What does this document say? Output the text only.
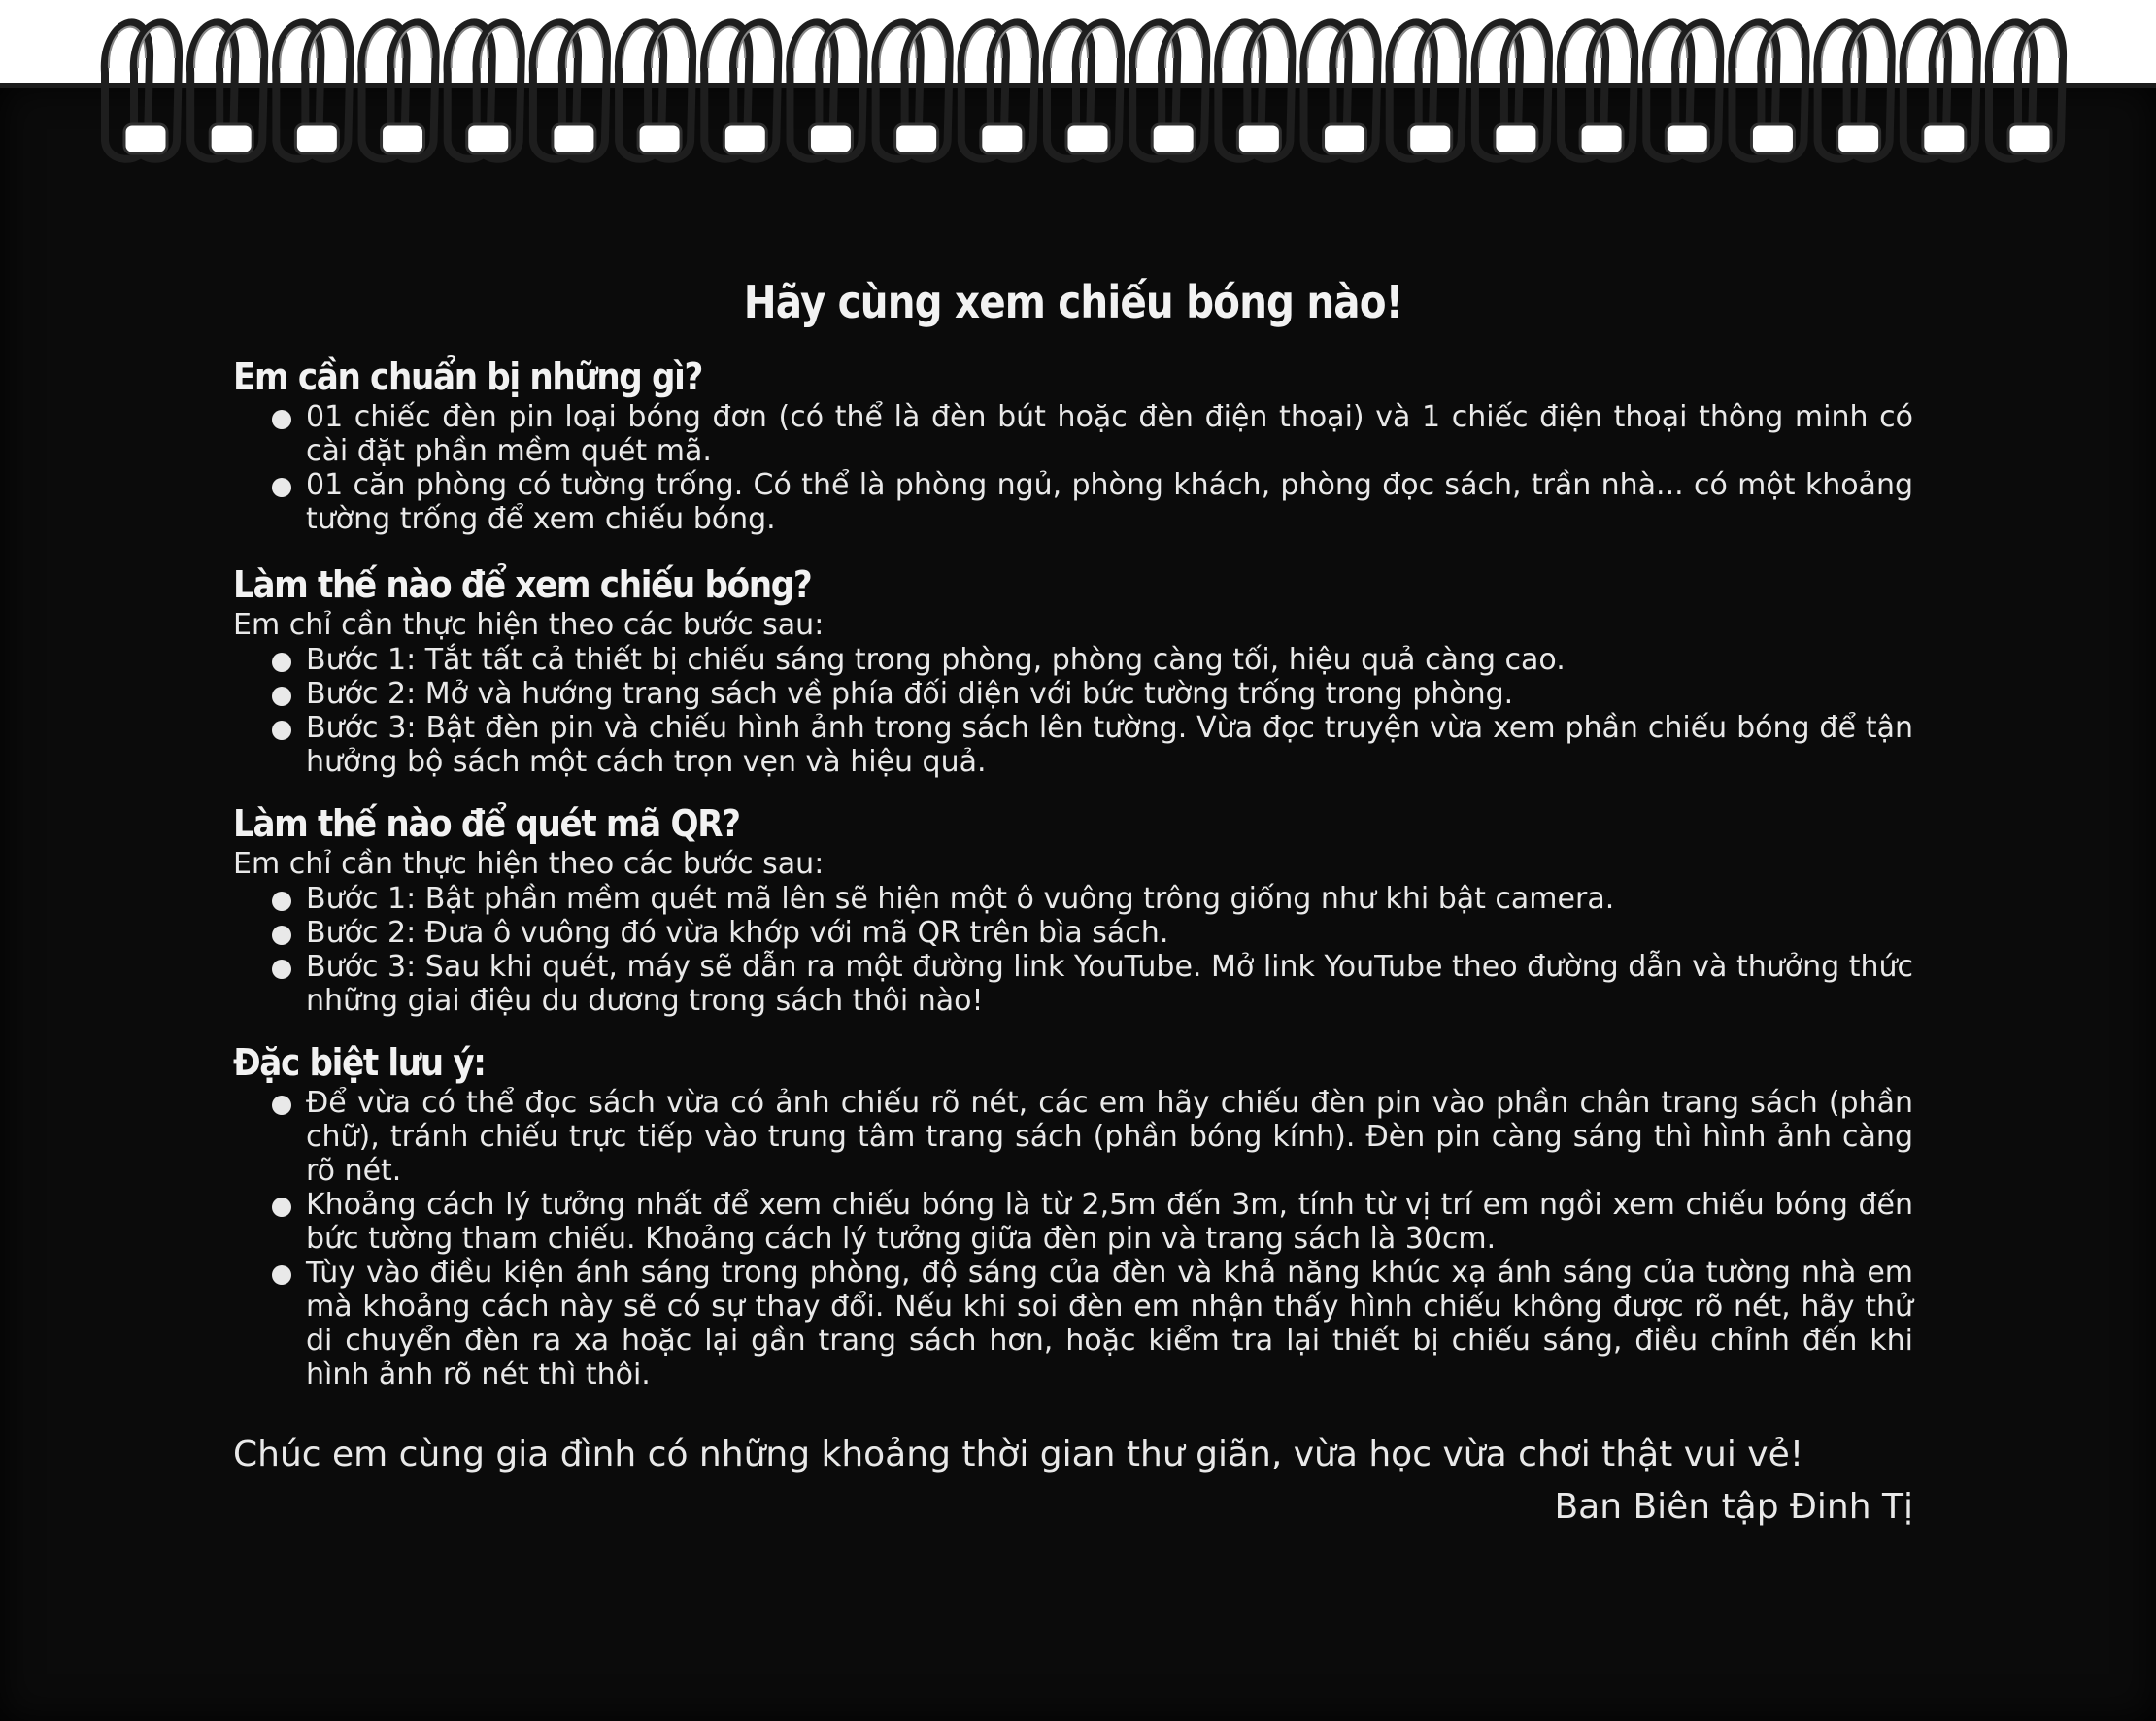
Hãy cùng xem chiếu bóng nào!
Em cần chuẩn bị những gì?
01 chiếc đèn pin loại bóng đơn (có thể là đèn bút hoặc đèn điện thoại) và 1 chiếc điện thoại thông minh có cài đặt phần mềm quét mã.
01 căn phòng có tường trống. Có thể là phòng ngủ, phòng khách, phòng đọc sách, trần nhà... có một khoảng tường trống để xem chiếu bóng.
Làm thế nào để xem chiếu bóng?

Em chỉ cần thực hiện theo các bước sau:

Bước 1: Tắt tất cả thiết bị chiếu sáng trong phòng, phòng càng tối, hiệu quả càng cao.
Bước 2: Mở và hướng trang sách về phía đối diện với bức tường trống trong phòng.
Bước 3: Bật đèn pin và chiếu hình ảnh trong sách lên tường. Vừa đọc truyện vừa xem phần chiếu bóng để tận hưởng bộ sách một cách trọn vẹn và hiệu quả.
Làm thế nào để quét mã QR?

Em chỉ cần thực hiện theo các bước sau:

Bước 1: Bật phần mềm quét mã lên sẽ hiện một ô vuông trông giống như khi bật camera.
Bước 2: Đưa ô vuông đó vừa khớp với mã QR trên bìa sách.
Bước 3: Sau khi quét, máy sẽ dẫn ra một đường link YouTube. Mở link YouTube theo đường dẫn và thưởng thức những giai điệu du dương trong sách thôi nào!
Đặc biệt lưu ý:
Để vừa có thể đọc sách vừa có ảnh chiếu rõ nét, các em hãy chiếu đèn pin vào phần chân trang sách (phần chữ), tránh chiếu trực tiếp vào trung tâm trang sách (phần bóng kính). Đèn pin càng sáng thì hình ảnh càng rõ nét.
Khoảng cách lý tưởng nhất để xem chiếu bóng là từ 2,5m đến 3m, tính từ vị trí em ngồi xem chiếu bóng đến bức tường tham chiếu. Khoảng cách lý tưởng giữa đèn pin và trang sách là 30cm.
Tùy vào điều kiện ánh sáng trong phòng, độ sáng của đèn và khả năng khúc xạ ánh sáng của tường nhà em mà khoảng cách này sẽ có sự thay đổi. Nếu khi soi đèn em nhận thấy hình chiếu không được rõ nét, hãy thử di chuyển đèn ra xa hoặc lại gần trang sách hơn, hoặc kiểm tra lại thiết bị chiếu sáng, điều chỉnh đến khi hình ảnh rõ nét thì thôi.

Chúc em cùng gia đình có những khoảng thời gian thư giãn, vừa học vừa chơi thật vui vẻ!

Ban Biên tập Đinh Tị
